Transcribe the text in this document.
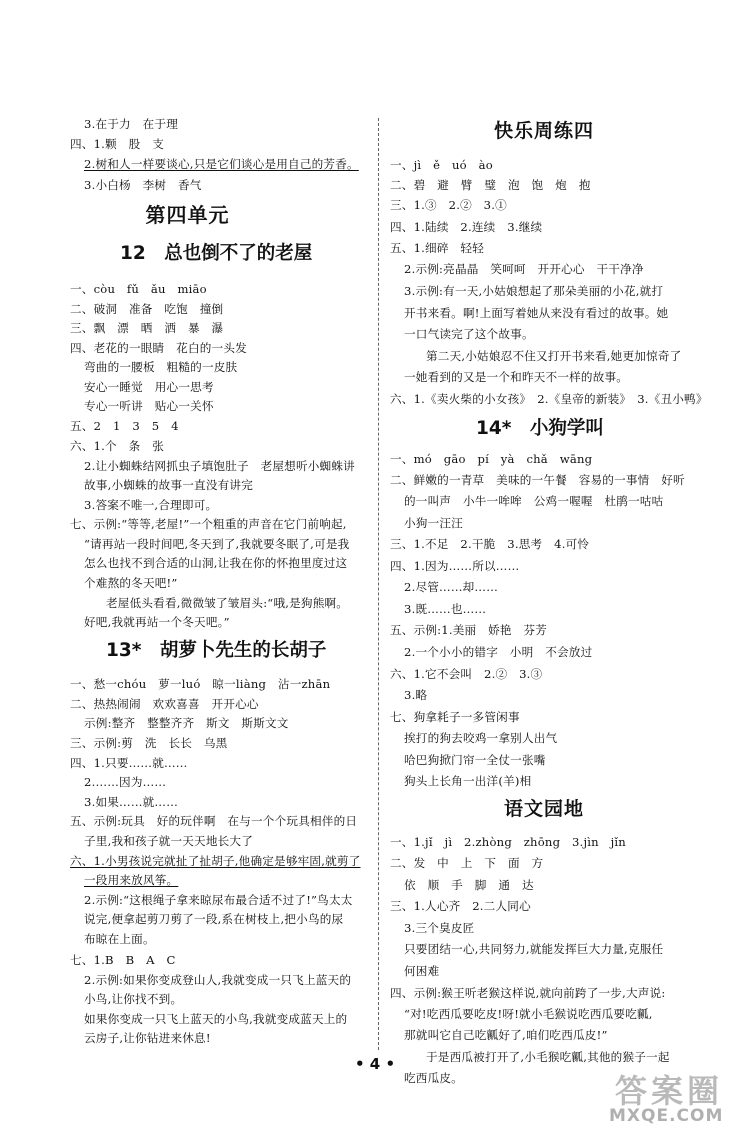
3.在于力　在于理
四、1.颗　股　支
2.树和人一样要谈心,只是它们谈心是用自己的芳香。
3.小白杨　李树　香气
第四单元
12　总也倒不了的老屋
一、còu　fǔ　ǎu　miāo
二、破洞　准备　吃饱　撞倒
三、飘　漂　晒　洒　暴　瀑
四、老花的一眼睛　花白的一头发
弯曲的一腰板　粗糙的一皮肤
安心一睡觉　用心一思考
专心一听讲　贴心一关怀
五、2　1　3　5　4
六、1.个　条　张
2.让小蜘蛛结网抓虫子填饱肚子　老屋想听小蜘蛛讲
故事,小蜘蛛的故事一直没有讲完
3.答案不唯一,合理即可。
七、示例:“等等,老屋!”一个粗重的声音在它门前响起,
“请再站一段时间吧,冬天到了,我就要冬眠了,可是我
怎么也找不到合适的山洞,让我在你的怀抱里度过这
个难熬的冬天吧!”
老屋低头看看,微微皱了皱眉头:“哦,是狗熊啊。
好吧,我就再站一个冬天吧。”
13*　胡萝卜先生的长胡子
一、愁一chóu　萝一luó　晾一liàng　沾一zhān
二、热热闹闹　欢欢喜喜　开开心心
示例:整齐　整整齐齐　斯文　斯斯文文
三、示例:剪　洗　长长　乌黑
四、1.只要……就……
2.……因为……
3.如果……就……
五、示例:玩具　好的玩伴啊　在与一个个玩具相伴的日
子里,我和孩子就一天天地长大了
六、1.小男孩说完就扯了扯胡子,他确定是够牢固,就剪了
一段用来放风筝。
2.示例:“这根绳子拿来晾尿布最合适不过了!”鸟太太
说完,便拿起剪刀剪了一段,系在树枝上,把小鸟的尿
布晾在上面。
七、1.B　B　A　C
2.示例:如果你变成登山人,我就变成一只飞上蓝天的
小鸟,让你找不到。
如果你变成一只飞上蓝天的小鸟,我就变成蓝天上的
云房子,让你钻进来休息!
快乐周练四
一、jì　ě　uó　ào
二、碧　避　臂　璧　泡　饱　炮　抱
三、1.③　2.②　3.①
四、1.陆续　2.连续　3.继续
五、1.细碎　轻轻
2.示例:亮晶晶　笑呵呵　开开心心　干干净净
3.示例:有一天,小姑娘想起了那朵美丽的小花,就打
开书来看。啊!上面写着她从来没有看过的故事。她
一口气读完了这个故事。
第二天,小姑娘忍不住又打开书来看,她更加惊奇了
一她看到的又是一个和昨天不一样的故事。
六、1.《卖火柴的小女孩》　2.《皇帝的新装》　3.《丑小鸭》
14*　小狗学叫
一、mó　gāo　pí　yà　chǎ　wāng
二、鲜嫩的一青草　美味的一午餐　容易的一事情　好听
的一叫声　小牛一哞哞　公鸡一喔喔　杜鹃一咕咕
小狗一汪汪
三、1.不足　2.干脆　3.思考　4.可怜
四、1.因为……所以……
2.尽管……却……
3.既……也……
五、示例:1.美丽　娇艳　芬芳
2.一个小小的错字　小明　不会放过
六、1.它不会叫　2.②　3.③
3.略
七、狗拿耗子一多管闲事
挨打的狗去咬鸡一拿别人出气
哈巴狗掀门帘一全仗一张嘴
狗头上长角一出洋(羊)相
语文园地
一、1.jǐ　jì　2.zhòng　zhōng　3.jìn　jǐn
二、发　中　上　下　面　方
依　顺　手　脚　通　达
三、1.人心齐　2.二人同心
3.三个臭皮匠
只要团结一心,共同努力,就能发挥巨大力量,克服任
何困难
四、示例:猴王听老猴这样说,就向前跨了一步,大声说:
“对!吃西瓜要吃皮!呀!就小毛猴说吃西瓜要吃瓤,
那就叫它自己吃瓤好了,咱们吃西瓜皮!”
于是西瓜被打开了,小毛猴吃瓤,其他的猴子一起
吃西瓜皮。
• 4 •
答案圈
MXQE.COM
